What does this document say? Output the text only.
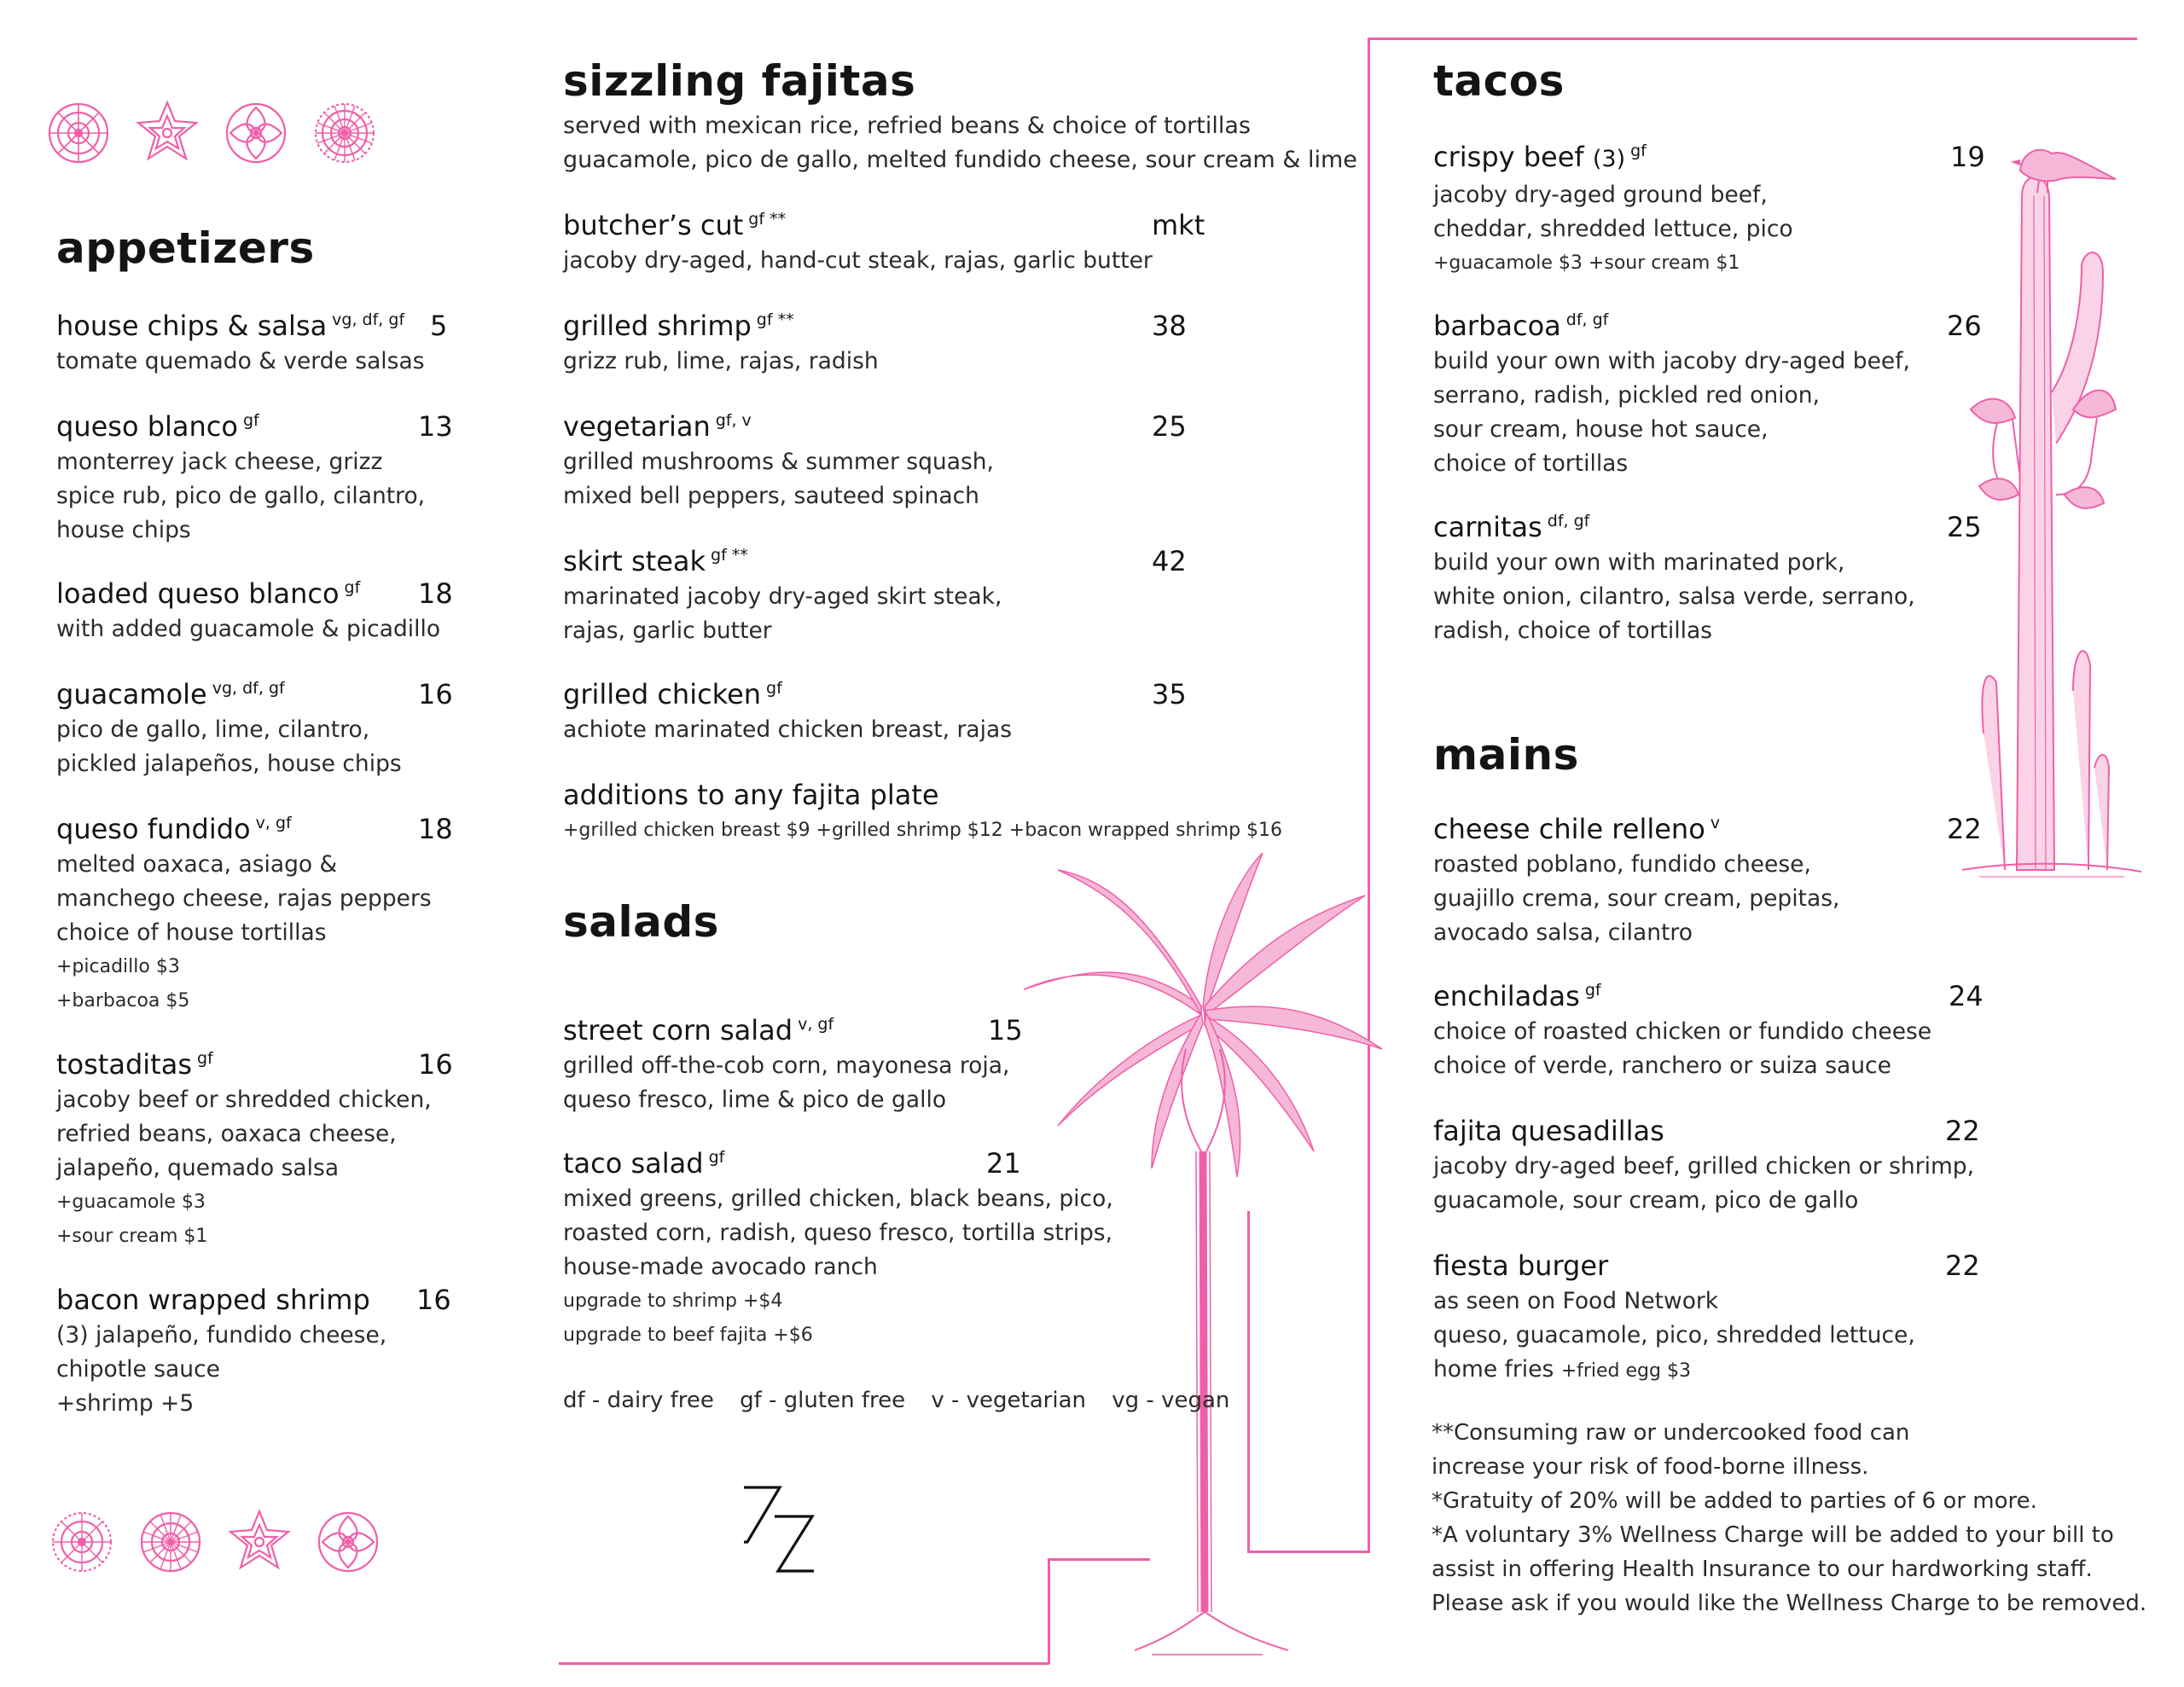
appetizers
house chips & salsa $^{vg, df, gf}$
tomate quemado & verde salsas
5
queso blanco $^{gf}$
monterrey jack cheese, grizz
spice rub, pico de gallo, cilantro,
house chips
13
loaded queso blanco $^{gf}$
with added guacamole & picadillo
18
guacamole $^{vg, df, gf}$
pico de gallo, lime, cilantro,
pickled jalapeños, house chips
16
queso fundido $^{v, gf}$
melted oaxaca, asiago &
manchego cheese, rajas peppers
choice of house tortillas
+picadillo $3
+barbacoa $5
18
tostaditas $^{gf}$
jacoby beef or shredded chicken,
refried beans, oaxaca cheese,
jalapeño, quemado salsa
+guacamole $3
+sour cream $1
16
bacon wrapped shrimp
(3) jalapeño, fundido cheese,
chipotle sauce
+shrimp +5
16
sizzling fajitas
served with mexican rice, refried beans & choice of tortillas
guacamole, pico de gallo, melted fundido cheese, sour cream & lime
butcher’s cut $^{gf **}$
jacoby dry-aged, hand-cut steak, rajas, garlic butter
mkt
grilled shrimp $^{gf **}$
grizz rub, lime, rajas, radish
38
vegetarian $^{gf, v}$
grilled mushrooms & summer squash,
mixed bell peppers, sauteed spinach
25
skirt steak $^{gf **}$
marinated jacoby dry-aged skirt steak,
rajas, garlic butter
42
grilled chicken $^{gf}$
achiote marinated chicken breast, rajas
35
additions to any fajita plate
+grilled chicken breast $9 +grilled shrimp $12 +bacon wrapped shrimp $16
salads
street corn salad $^{v, gf}$
grilled off-the-cob corn, mayonesa roja,
queso fresco, lime & pico de gallo
15
taco salad $^{gf}$
mixed greens, grilled chicken, black beans, pico,
roasted corn, radish, queso fresco, tortilla strips,
house-made avocado ranch
upgrade to shrimp +$4
upgrade to beef fajita +$6
21
df - dairy free gf - gluten free v - vegetarian vg - vegan
tacos
crispy beef (3) $^{gf}$
jacoby dry-aged ground beef,
cheddar, shredded lettuce, pico
+guacamole $3 +sour cream $1
19
barbacoa $^{df, gf}$
build your own with jacoby dry-aged beef,
serrano, radish, pickled red onion,
sour cream, house hot sauce,
choice of tortillas
26
carnitas $^{df, gf}$
build your own with marinated pork,
white onion, cilantro, salsa verde, serrano,
radish, choice of tortillas
25
mains
cheese chile relleno $^v$
roasted poblano, fundido cheese,
guajillo crema, sour cream, pepitas,
avocado salsa, cilantro
22
enchiladas $^{gf}$
choice of roasted chicken or fundido cheese
choice of verde, ranchero or suiza sauce
24
fajita quesadillas
jacoby dry-aged beef, grilled chicken or shrimp,
guacamole, sour cream, pico de gallo
22
fiesta burger
as seen on Food Network
queso, guacamole, pico, shredded lettuce,
home fries +fried egg $3
22
**Consuming raw or undercooked food can
increase your risk of food-borne illness.
*Gratuity of 20% will be added to parties of 6 or more.
*A voluntary 3% Wellness Charge will be added to your bill to
assist in offering Health Insurance to our hardworking staff.
Please ask if you would like the Wellness Charge to be removed.
